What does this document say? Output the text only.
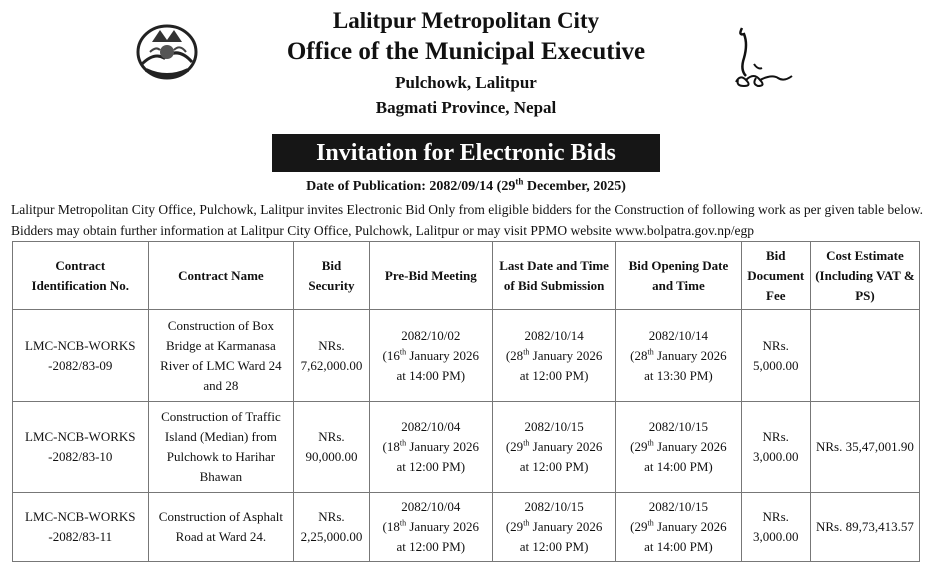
Lalitpur Metropolitan City
Office of the Municipal Executive
Pulchowk, Lalitpur
Bagmati Province, Nepal
Invitation for Electronic Bids
Date of Publication: 2082/09/14 (29th December, 2025)
Lalitpur Metropolitan City Office, Pulchowk, Lalitpur invites Electronic Bid Only from eligible bidders for the Construction of following work as per given table below. Bidders may obtain further information at Lalitpur City Office, Pulchowk, Lalitpur or may visit PPMO website www.bolpatra.gov.np/egp
Contract Identification No.	Contract Name	Bid Security	Pre-Bid Meeting	Last Date and Time of Bid Submission	Bid Opening Date and Time	Bid Document Fee	Cost Estimate (Including VAT & PS)
LMC-NCB-WORKS -2082/83-09	Construction of Box Bridge at Karmanasa River of LMC Ward 24 and 28	NRs. 7,62,000.00	2082/10/02
(16th January 2026
at 14:00 PM)	2082/10/14
(28th January 2026
at 12:00 PM)	2082/10/14
(28th January 2026
at 13:30 PM)	NRs. 5,000.00	
LMC-NCB-WORKS -2082/83-10	Construction of Traffic Island (Median) from Pulchowk to Harihar Bhawan	NRs. 90,000.00	2082/10/04
(18th January 2026
at 12:00 PM)	2082/10/15
(29th January 2026
at 12:00 PM)	2082/10/15
(29th January 2026
at 14:00 PM)	NRs. 3,000.00	NRs. 35,47,001.90
LMC-NCB-WORKS -2082/83-11	Construction of Asphalt Road at Ward 24.	NRs. 2,25,000.00	2082/10/04
(18th January 2026
at 12:00 PM)	2082/10/15
(29th January 2026
at 12:00 PM)	2082/10/15
(29th January 2026
at 14:00 PM)	NRs. 3,000.00	NRs. 89,73,413.57
